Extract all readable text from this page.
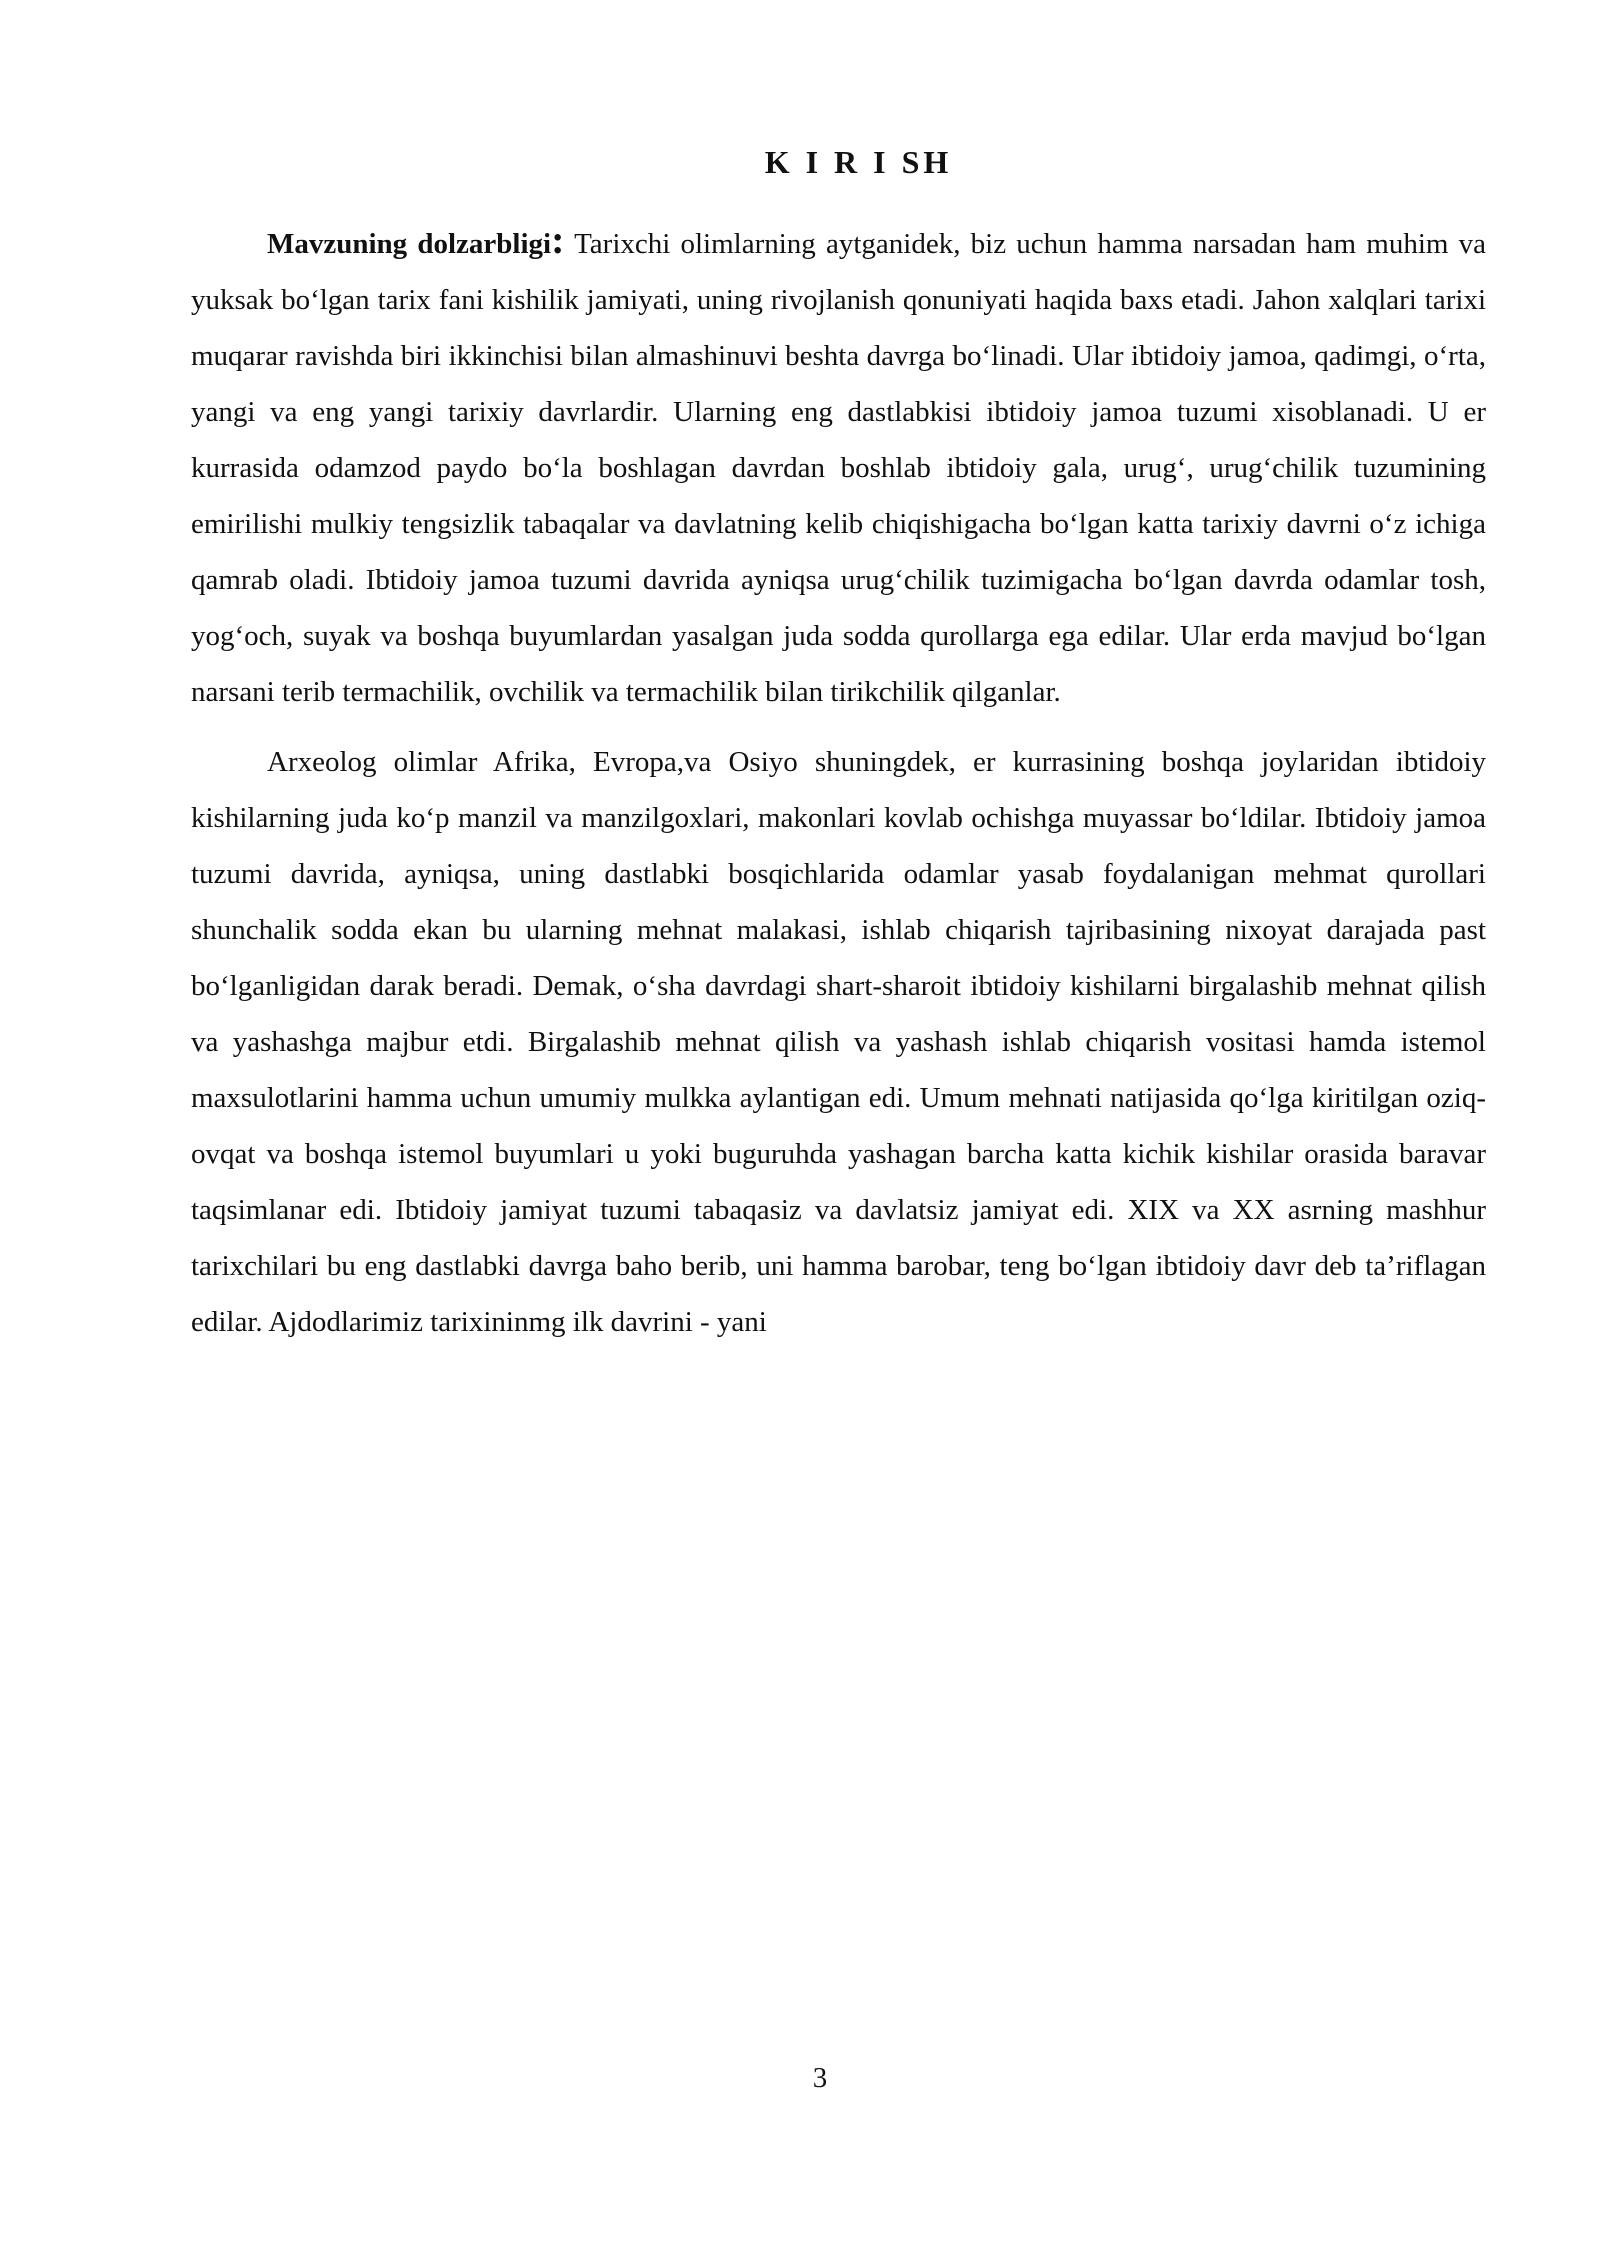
K I R I SH

Mavzuning dolzarbligi: Tarixchi olimlarning aytganidek, biz uchun hamma narsadan ham muhim va yuksak bo‘lgan tarix fani kishilik jamiyati, uning rivojlanish qonuniyati haqida baxs etadi. Jahon xalqlari tarixi muqarar ravishda biri ikkinchisi bilan almashinuvi beshta davrga bo‘linadi. Ular ibtidoiy jamoa, qadimgi, o‘rta, yangi va eng yangi tarixiy davrlardir. Ularning eng dastlabkisi ibtidoiy jamoa tuzumi xisoblanadi. U er kurrasida odamzod paydo bo‘la boshlagan davrdan boshlab ibtidoiy gala, urug‘, urug‘chilik tuzumining emirilishi mulkiy tengsizlik tabaqalar va davlatning kelib chiqishigacha bo‘lgan katta tarixiy davrni o‘z ichiga qamrab oladi. Ibtidoiy jamoa tuzumi davrida ayniqsa urug‘chilik tuzimigacha bo‘lgan davrda odamlar tosh, yog‘och, suyak va boshqa buyumlardan yasalgan juda sodda qurollarga ega edilar. Ular erda mavjud bo‘lgan narsani terib termachilik, ovchilik va termachilik bilan tirikchilik qilganlar.

Arxeolog olimlar Afrika, Evropa,va Osiyo shuningdek, er kurrasining boshqa joylaridan ibtidoiy kishilarning juda ko‘p manzil va manzilgoxlari, makonlari kovlab ochishga muyassar bo‘ldilar. Ibtidoiy jamoa tuzumi davrida, ayniqsa, uning dastlabki bosqichlarida odamlar yasab foydalanigan mehmat qurollari shunchalik sodda ekan bu ularning mehnat malakasi, ishlab chiqarish tajribasining nixoyat darajada past bo‘lganligidan darak beradi. Demak, o‘sha davrdagi shart-sharoit ibtidoiy kishilarni birgalashib mehnat qilish va yashashga majbur etdi. Birgalashib mehnat qilish va yashash ishlab chiqarish vositasi hamda istemol maxsulotlarini hamma uchun umumiy mulkka aylantigan edi. Umum mehnati natijasida qo‘lga kiritilgan oziq-ovqat va boshqa istemol buyumlari u yoki buguruhda yashagan barcha katta kichik kishilar orasida baravar taqsimlanar edi. Ibtidoiy jamiyat tuzumi tabaqasiz va davlatsiz jamiyat edi. XIX va XX asrning mashhur tarixchilari bu eng dastlabki davrga baho berib, uni hamma barobar, teng bo‘lgan ibtidoiy davr deb ta’riflagan edilar. Ajdodlarimiz tarixininmg ilk davrini - yani

3
